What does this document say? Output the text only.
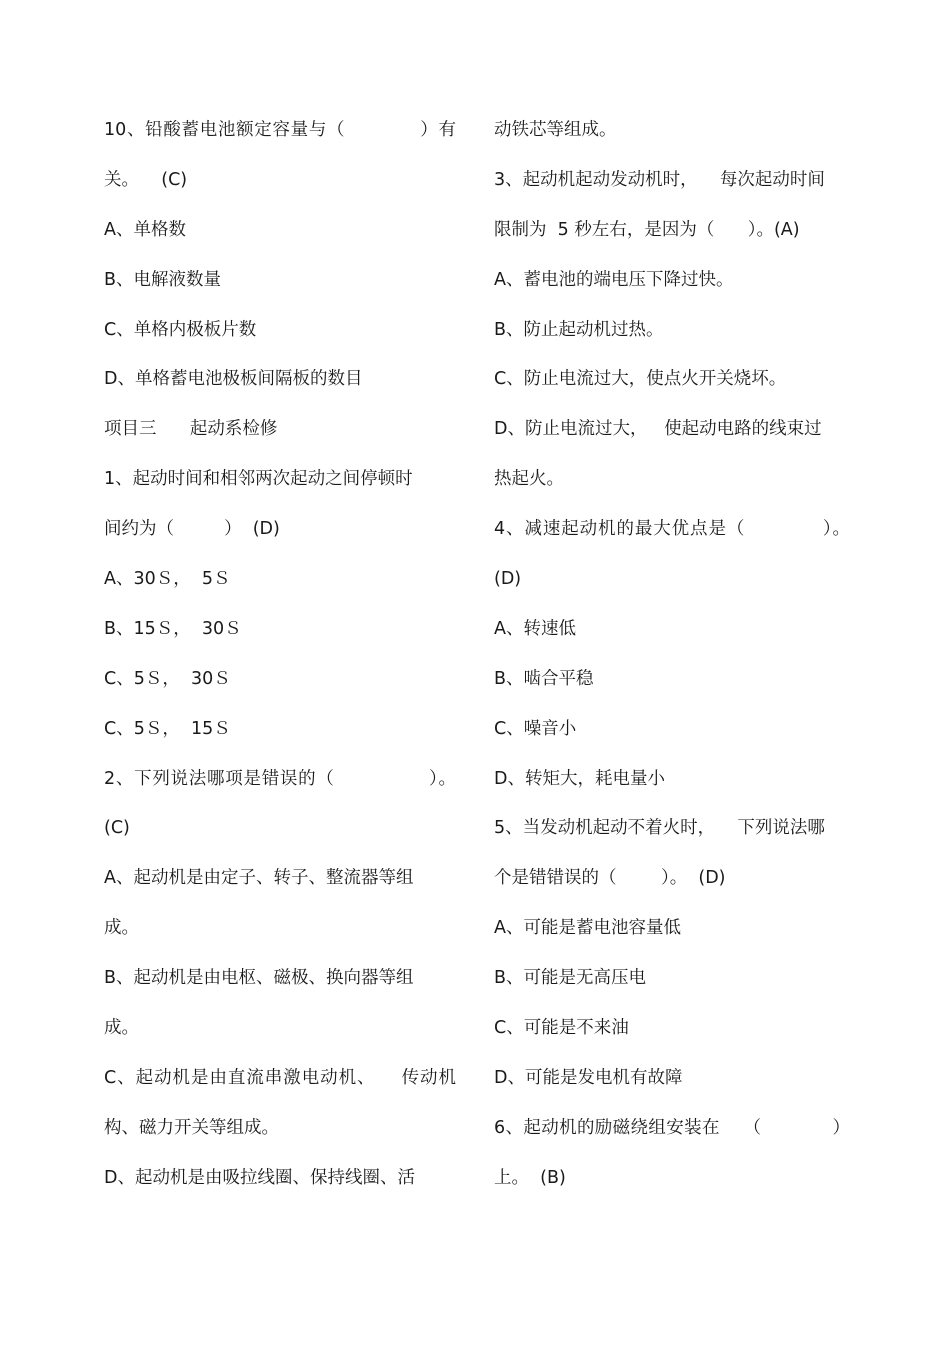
10、铅酸蓄电池额定容量与（            ）有
关。    (C)
A、单格数
B、电解液数量
C、单格内极板片数
D、单格蓄电池极板间隔板的数目
项目三      起动系检修
1、起动时间和相邻两次起动之间停顿时
间约为（         ）  (D)
A、30Ｓ，  5Ｓ
B、15Ｓ，  30Ｓ
C、5Ｓ，  30Ｓ
C、5Ｓ，  15Ｓ
2、下列说法哪项是错误的（               ）。
(C)
A、起动机是由定子、转子、整流器等组
成。
B、起动机是由电枢、磁极、换向器等组
成。
C、起动机是由直流串激电动机、    传动机
构、磁力开关等组成。
D、起动机是由吸拉线圈、保持线圈、活
动铁芯等组成。
3、起动机起动发动机时，    每次起动时间
限制为  5 秒左右，是因为（      ）。(A)
A、蓄电池的端电压下降过快。
B、防止起动机过热。
C、防止电流过大，使点火开关烧坏。
D、防止电流过大，   使起动电路的线束过
热起火。
4、减速起动机的最大优点是（            ）。
(D)
A、转速低
B、啮合平稳
C、噪音小
D、转矩大，耗电量小
5、当发动机起动不着火时，    下列说法哪
个是错错误的（        ）。  (D)
A、可能是蓄电池容量低
B、可能是无高压电
C、可能是不来油
D、可能是发电机有故障
6、起动机的励磁绕组安装在    （            ）
上。  (B)
